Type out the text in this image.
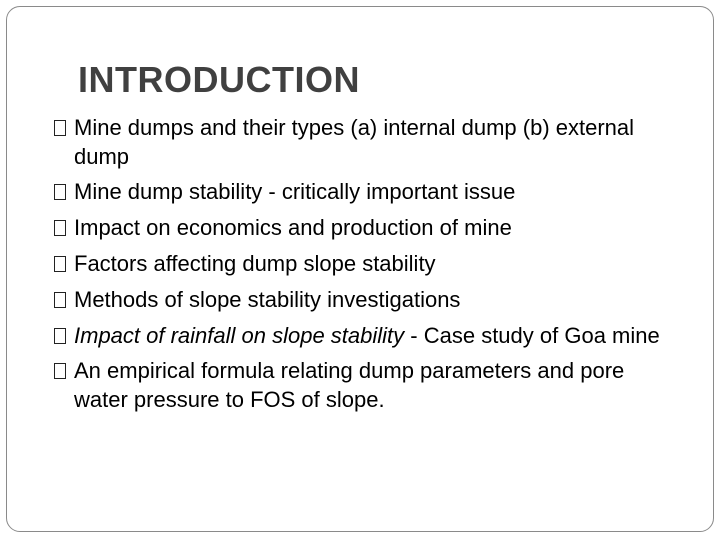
INTRODUCTION
Mine dumps and their types (a) internal dump (b) external dump
Mine dump stability - critically important issue
Impact on economics and production of mine
Factors affecting dump slope stability
Methods of slope stability investigations
Impact of rainfall on slope stability - Case study of Goa mine
An empirical formula relating dump parameters and pore water pressure to FOS of slope.
